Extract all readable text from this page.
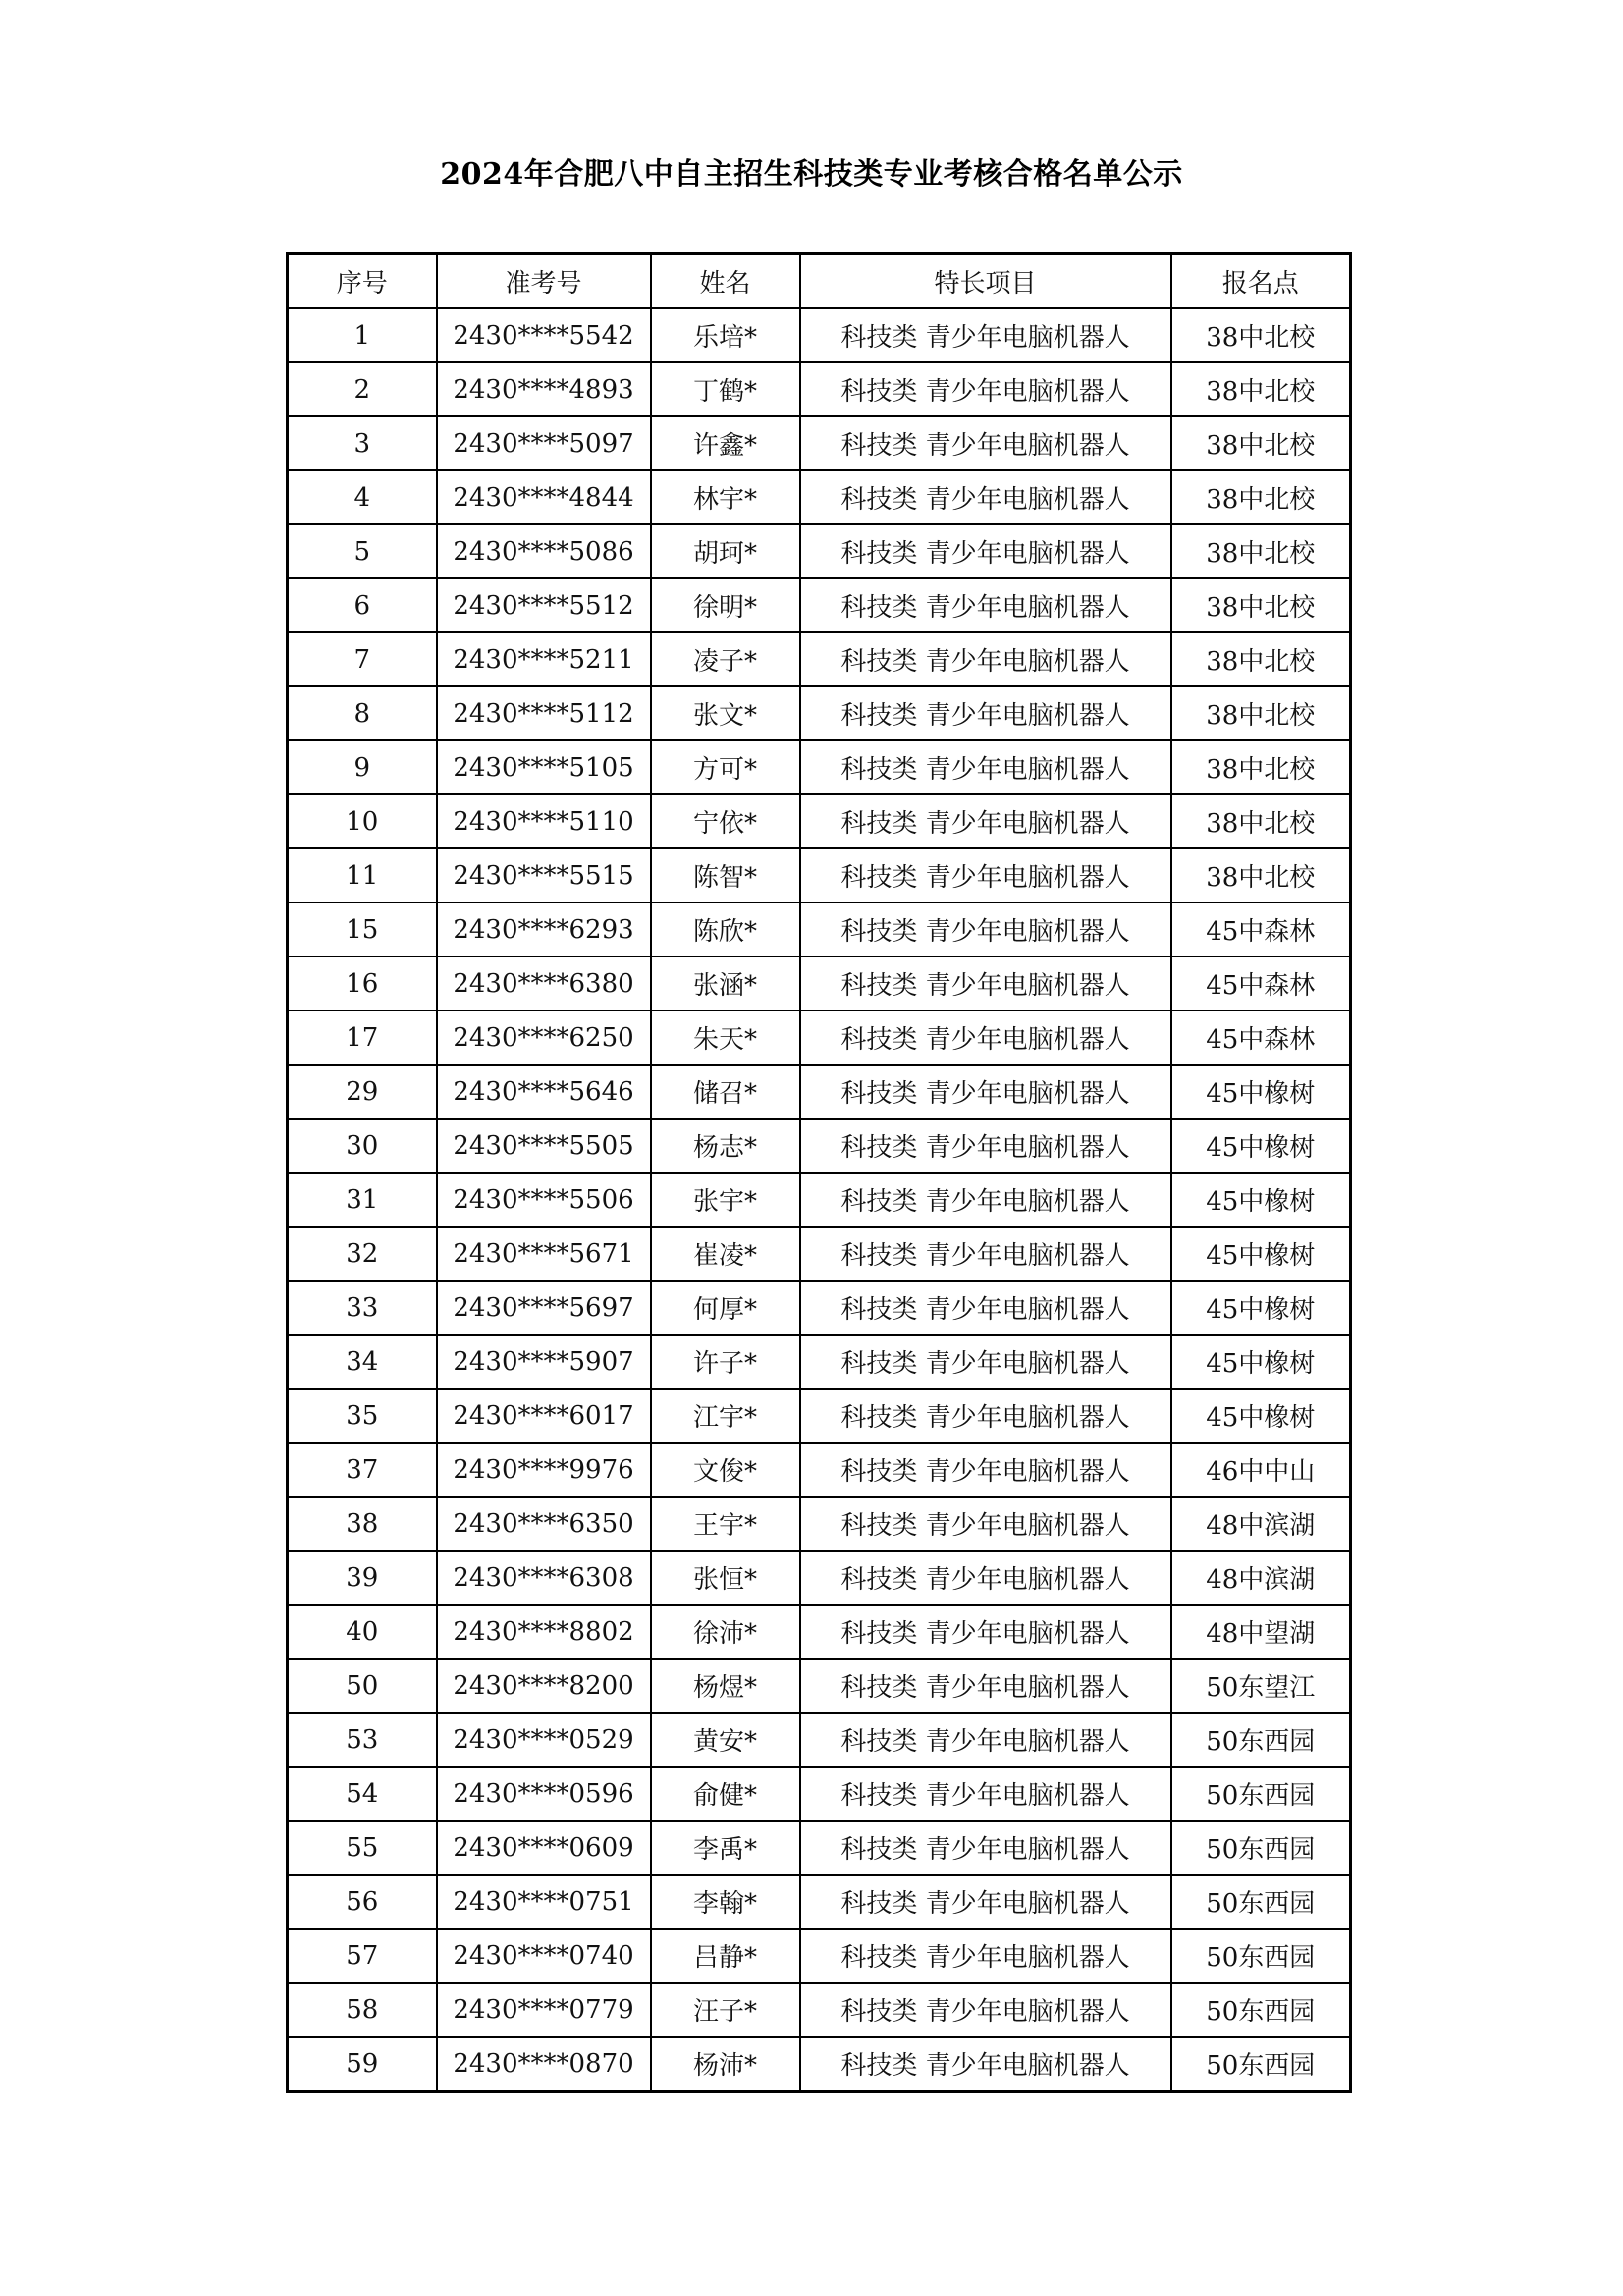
2024年合肥八中自主招生科技类专业考核合格名单公示
序号	准考号	姓名	特长项目	报名点
1	2430****5542	乐培*	科技类 青少年电脑机器人	38中北校
2	2430****4893	丁鹤*	科技类 青少年电脑机器人	38中北校
3	2430****5097	许鑫*	科技类 青少年电脑机器人	38中北校
4	2430****4844	林宇*	科技类 青少年电脑机器人	38中北校
5	2430****5086	胡珂*	科技类 青少年电脑机器人	38中北校
6	2430****5512	徐明*	科技类 青少年电脑机器人	38中北校
7	2430****5211	凌子*	科技类 青少年电脑机器人	38中北校
8	2430****5112	张文*	科技类 青少年电脑机器人	38中北校
9	2430****5105	方可*	科技类 青少年电脑机器人	38中北校
10	2430****5110	宁依*	科技类 青少年电脑机器人	38中北校
11	2430****5515	陈智*	科技类 青少年电脑机器人	38中北校
15	2430****6293	陈欣*	科技类 青少年电脑机器人	45中森林
16	2430****6380	张涵*	科技类 青少年电脑机器人	45中森林
17	2430****6250	朱天*	科技类 青少年电脑机器人	45中森林
29	2430****5646	储召*	科技类 青少年电脑机器人	45中橡树
30	2430****5505	杨志*	科技类 青少年电脑机器人	45中橡树
31	2430****5506	张宇*	科技类 青少年电脑机器人	45中橡树
32	2430****5671	崔凌*	科技类 青少年电脑机器人	45中橡树
33	2430****5697	何厚*	科技类 青少年电脑机器人	45中橡树
34	2430****5907	许子*	科技类 青少年电脑机器人	45中橡树
35	2430****6017	江宇*	科技类 青少年电脑机器人	45中橡树
37	2430****9976	文俊*	科技类 青少年电脑机器人	46中中山
38	2430****6350	王宇*	科技类 青少年电脑机器人	48中滨湖
39	2430****6308	张恒*	科技类 青少年电脑机器人	48中滨湖
40	2430****8802	徐沛*	科技类 青少年电脑机器人	48中望湖
50	2430****8200	杨煜*	科技类 青少年电脑机器人	50东望江
53	2430****0529	黄安*	科技类 青少年电脑机器人	50东西园
54	2430****0596	俞健*	科技类 青少年电脑机器人	50东西园
55	2430****0609	李禹*	科技类 青少年电脑机器人	50东西园
56	2430****0751	李翰*	科技类 青少年电脑机器人	50东西园
57	2430****0740	吕静*	科技类 青少年电脑机器人	50东西园
58	2430****0779	汪子*	科技类 青少年电脑机器人	50东西园
59	2430****0870	杨沛*	科技类 青少年电脑机器人	50东西园
